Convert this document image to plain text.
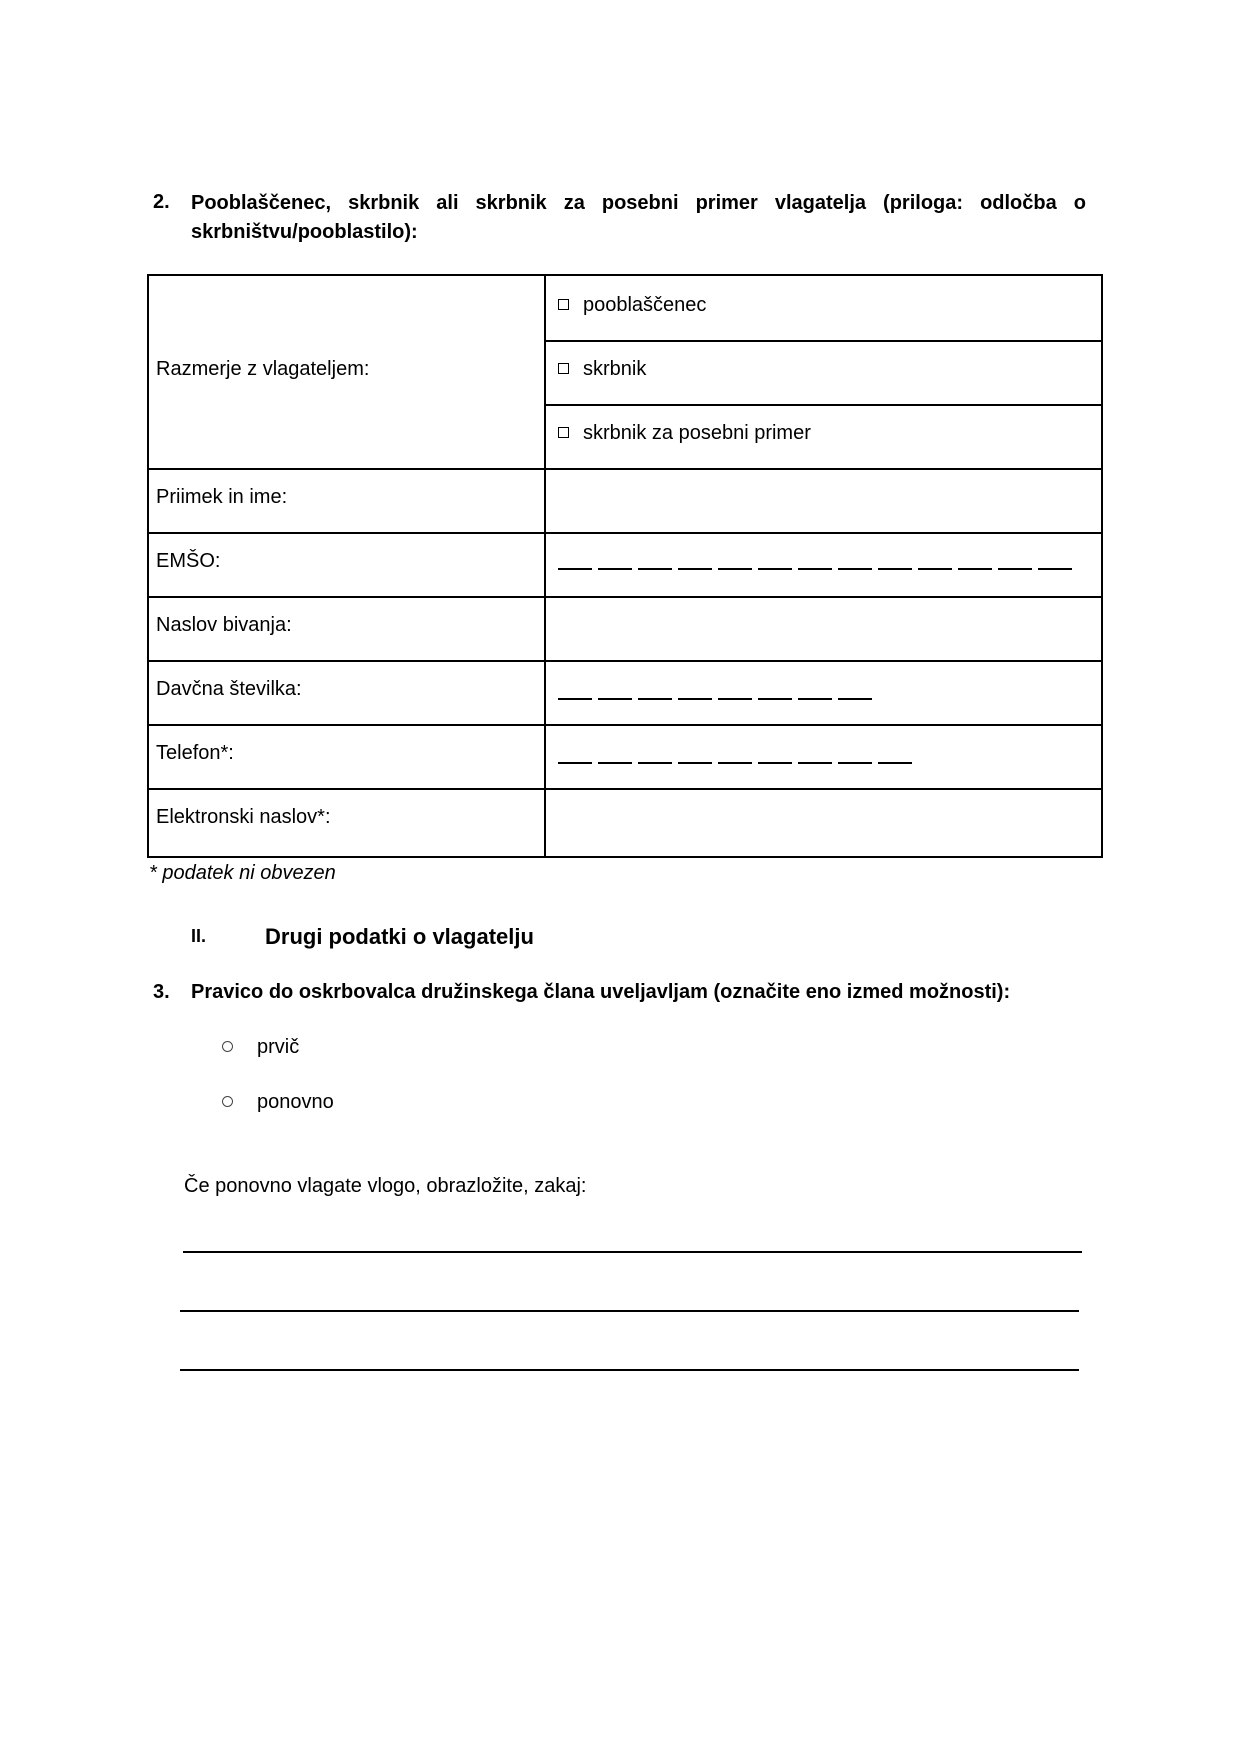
2. Pooblaščenec, skrbnik ali skrbnik za posebni primer vlagatelja (priloga: odločba o skrbništvu/pooblastilo):
Razmerje z vlagateljem:
pooblaščenec
skrbnik
skrbnik za posebni primer
Priimek in ime:
EMŠO:
Naslov bivanja:
Davčna številka:
Telefon*:
Elektronski naslov*:
* podatek ni obvezen
II.	Drugi podatki o vlagatelju
3. Pravico do oskrbovalca družinskega člana uveljavljam (označite eno izmed možnosti):
prvič
ponovno
Če ponovno vlagate vlogo, obrazložite, zakaj:
